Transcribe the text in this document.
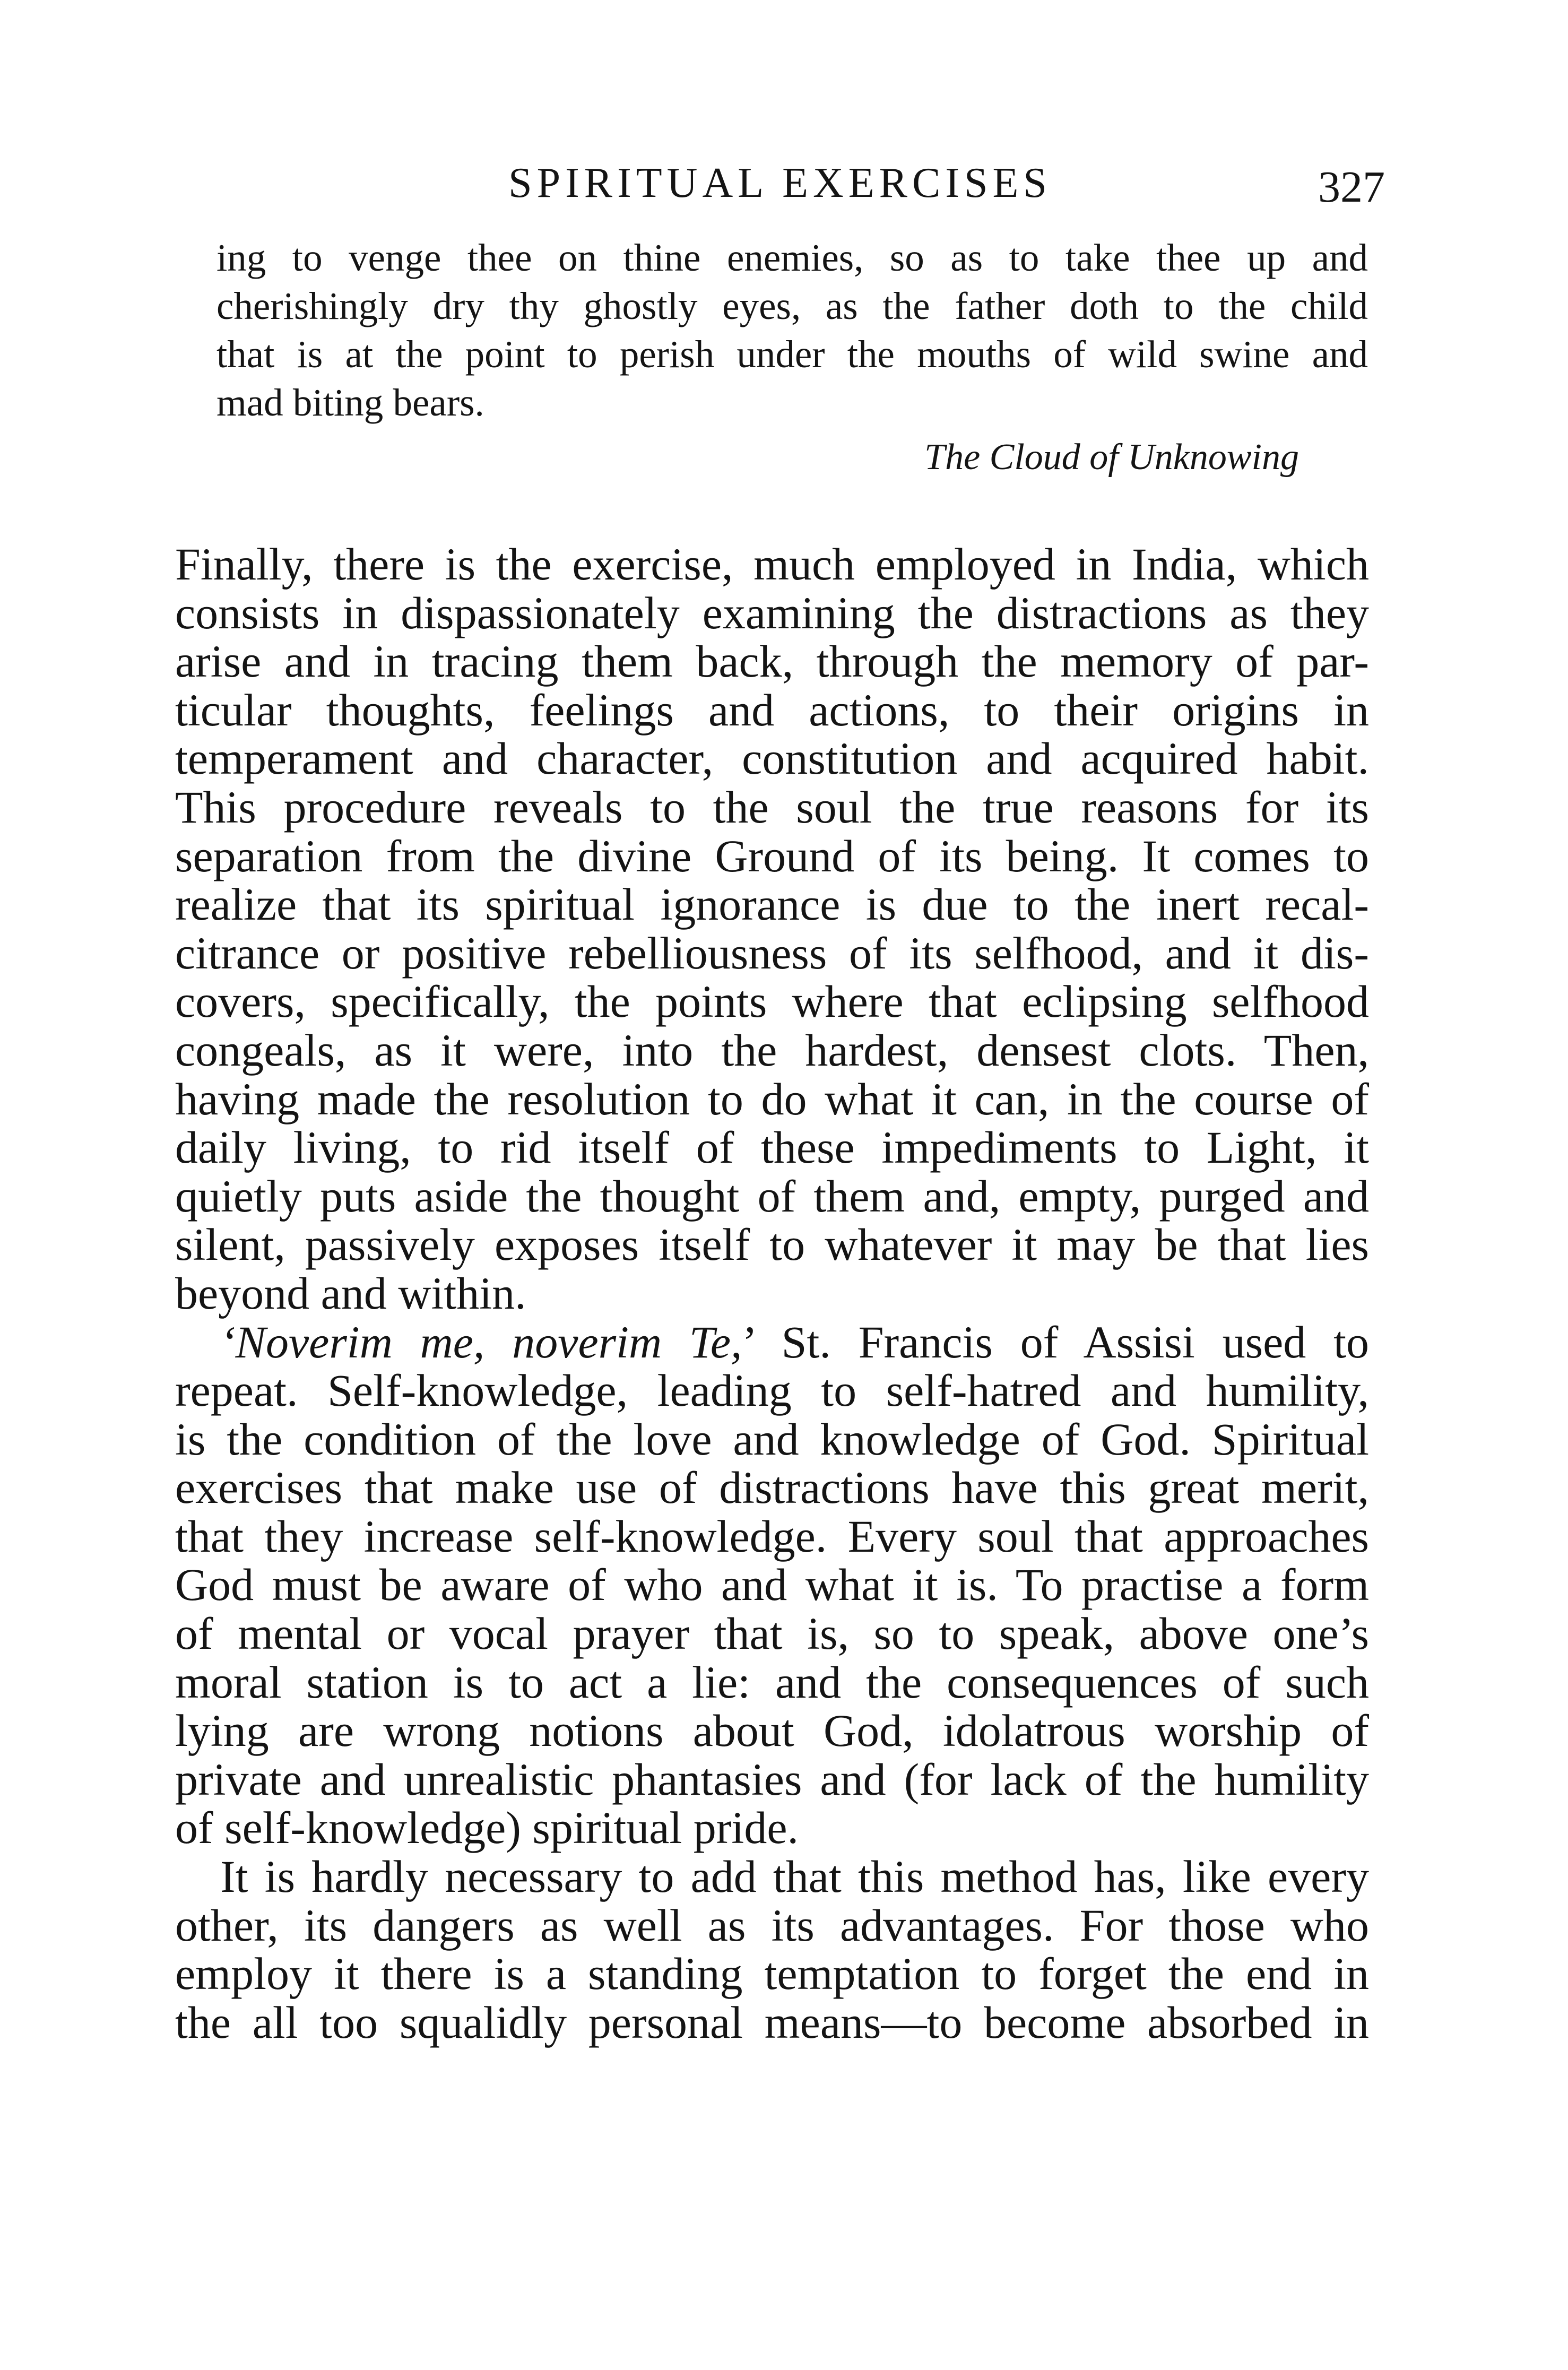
SPIRITUAL EXERCISES	327
ing to venge thee on thine enemies, so as to take thee up and
cherishingly dry thy ghostly eyes, as the father doth to the child
that is at the point to perish under the mouths of wild swine and
mad biting bears.
The Cloud of Unknowing
Finally, there is the exercise, much employed in India, which
consists in dispassionately examining the distractions as they
arise and in tracing them back, through the memory of par-
ticular thoughts, feelings and actions, to their origins in
temperament and character, constitution and acquired habit.
This procedure reveals to the soul the true reasons for its
separation from the divine Ground of its being. It comes to
realize that its spiritual ignorance is due to the inert recal-
citrance or positive rebelliousness of its selfhood, and it dis-
covers, specifically, the points where that eclipsing selfhood
congeals, as it were, into the hardest, densest clots. Then,
having made the resolution to do what it can, in the course of
daily living, to rid itself of these impediments to Light, it
quietly puts aside the thought of them and, empty, purged and
silent, passively exposes itself to whatever it may be that lies
beyond and within.
‘Noverim me, noverim Te,’ St. Francis of Assisi used to
repeat. Self-knowledge, leading to self-hatred and humility,
is the condition of the love and knowledge of God. Spiritual
exercises that make use of distractions have this great merit,
that they increase self-knowledge. Every soul that approaches
God must be aware of who and what it is. To practise a form
of mental or vocal prayer that is, so to speak, above one’s
moral station is to act a lie: and the consequences of such
lying are wrong notions about God, idolatrous worship of
private and unrealistic phantasies and (for lack of the humility
of self-knowledge) spiritual pride.
It is hardly necessary to add that this method has, like every
other, its dangers as well as its advantages. For those who
employ it there is a standing temptation to forget the end in
the all too squalidly personal means—to become absorbed in
